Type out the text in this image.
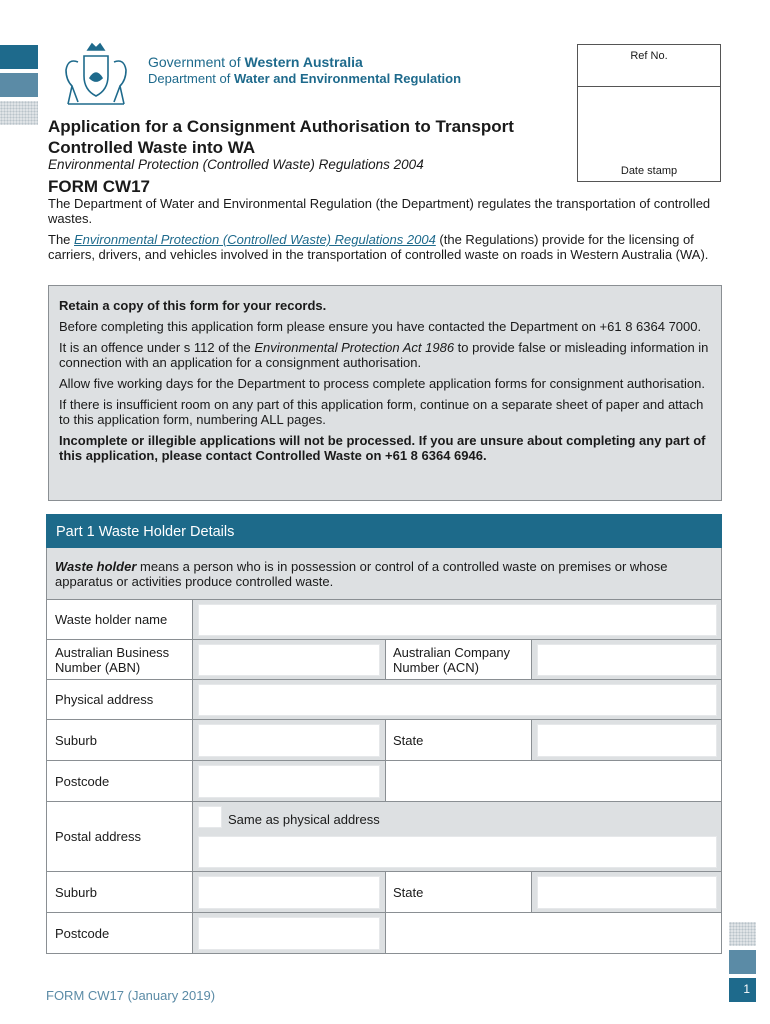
Government of Western Australia
Department of Water and Environmental Regulation
Ref No.
Date stamp
Application for a Consignment Authorisation to Transport
Controlled Waste into WA
Environmental Protection (Controlled Waste) Regulations 2004
FORM CW17
The Department of Water and Environmental Regulation (the Department) regulates the transportation of controlled wastes.
The Environmental Protection (Controlled Waste) Regulations 2004 (the Regulations) provide for the licensing of carriers, drivers, and vehicles involved in the transportation of controlled waste on roads in Western Australia (WA).

Retain a copy of this form for your records.

Before completing this application form please ensure you have contacted the Department on +61 8 6364 7000.

It is an offence under s 112 of the Environmental Protection Act 1986 to provide false or misleading information in connection with an application for a consignment authorisation.

Allow five working days for the Department to process complete application forms for consignment authorisation.

If there is insufficient room on any part of this application form, continue on a separate sheet of paper and attach to this application form, numbering ALL pages.

Incomplete or illegible applications will not be processed. If you are unsure about completing any part of this application, please contact Controlled Waste on +61 8 6364 6946.

Part 1 Waste Holder Details
Waste holder means a person who is in possession or control of a controlled waste on premises or whose apparatus or activities produce controlled waste.
Waste holder name
Australian Business
Number (ABN)
Australian Company
Number (ACN)
Physical address
Suburb	State
Postcode
Postal address
Same as physical address
Suburb	State
Postcode
1
FORM CW17 (January 2019)
